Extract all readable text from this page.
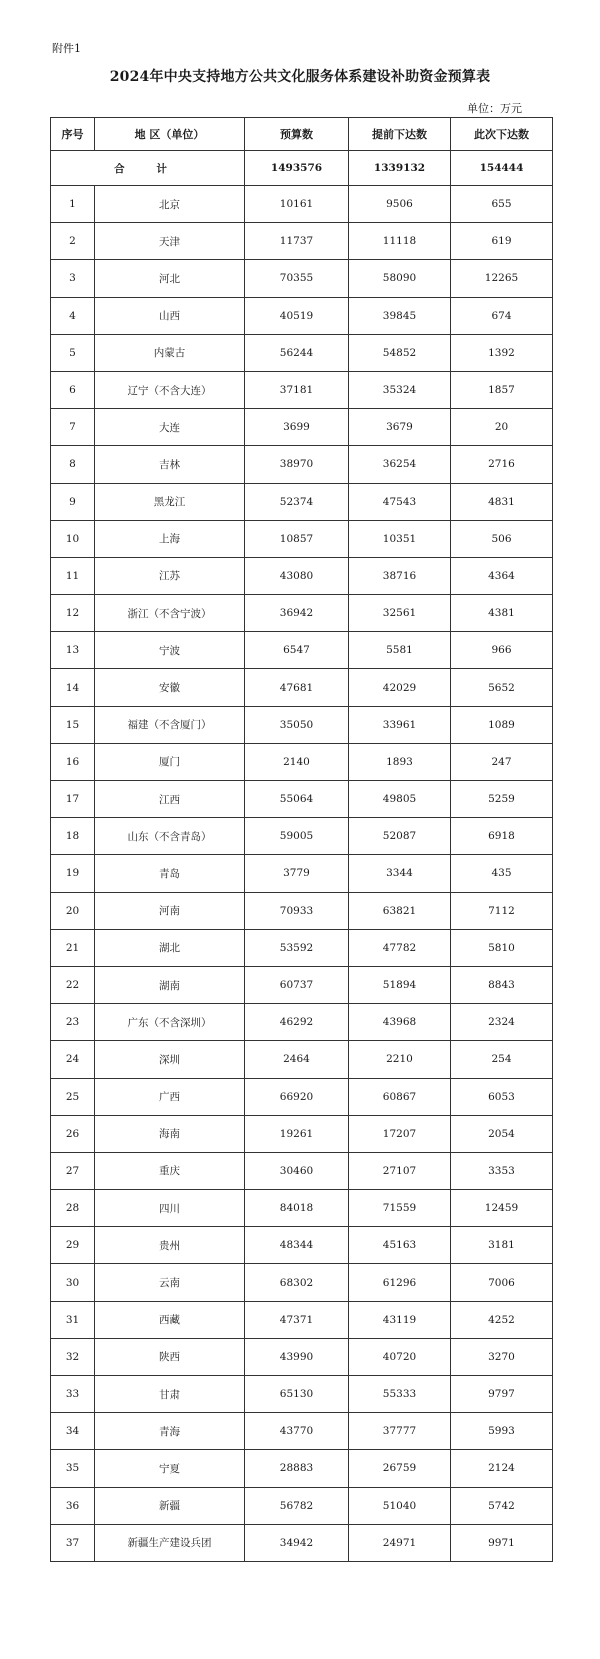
附件1
2024年中央支持地方公共文化服务体系建设补助资金预算表
单位：万元
序号	地 区（单位）	预算数	提前下达数	此次下达数
合 计		1493576	1339132	154444
1	北京	10161	9506	655
2	天津	11737	11118	619
3	河北	70355	58090	12265
4	山西	40519	39845	674
5	内蒙古	56244	54852	1392
6	辽宁（不含大连）	37181	35324	1857
7	大连	3699	3679	20
8	吉林	38970	36254	2716
9	黑龙江	52374	47543	4831
10	上海	10857	10351	506
11	江苏	43080	38716	4364
12	浙江（不含宁波）	36942	32561	4381
13	宁波	6547	5581	966
14	安徽	47681	42029	5652
15	福建（不含厦门）	35050	33961	1089
16	厦门	2140	1893	247
17	江西	55064	49805	5259
18	山东（不含青岛）	59005	52087	6918
19	青岛	3779	3344	435
20	河南	70933	63821	7112
21	湖北	53592	47782	5810
22	湖南	60737	51894	8843
23	广东（不含深圳）	46292	43968	2324
24	深圳	2464	2210	254
25	广西	66920	60867	6053
26	海南	19261	17207	2054
27	重庆	30460	27107	3353
28	四川	84018	71559	12459
29	贵州	48344	45163	3181
30	云南	68302	61296	7006
31	西藏	47371	43119	4252
32	陕西	43990	40720	3270
33	甘肃	65130	55333	9797
34	青海	43770	37777	5993
35	宁夏	28883	26759	2124
36	新疆	56782	51040	5742
37	新疆生产建设兵团	34942	24971	9971
